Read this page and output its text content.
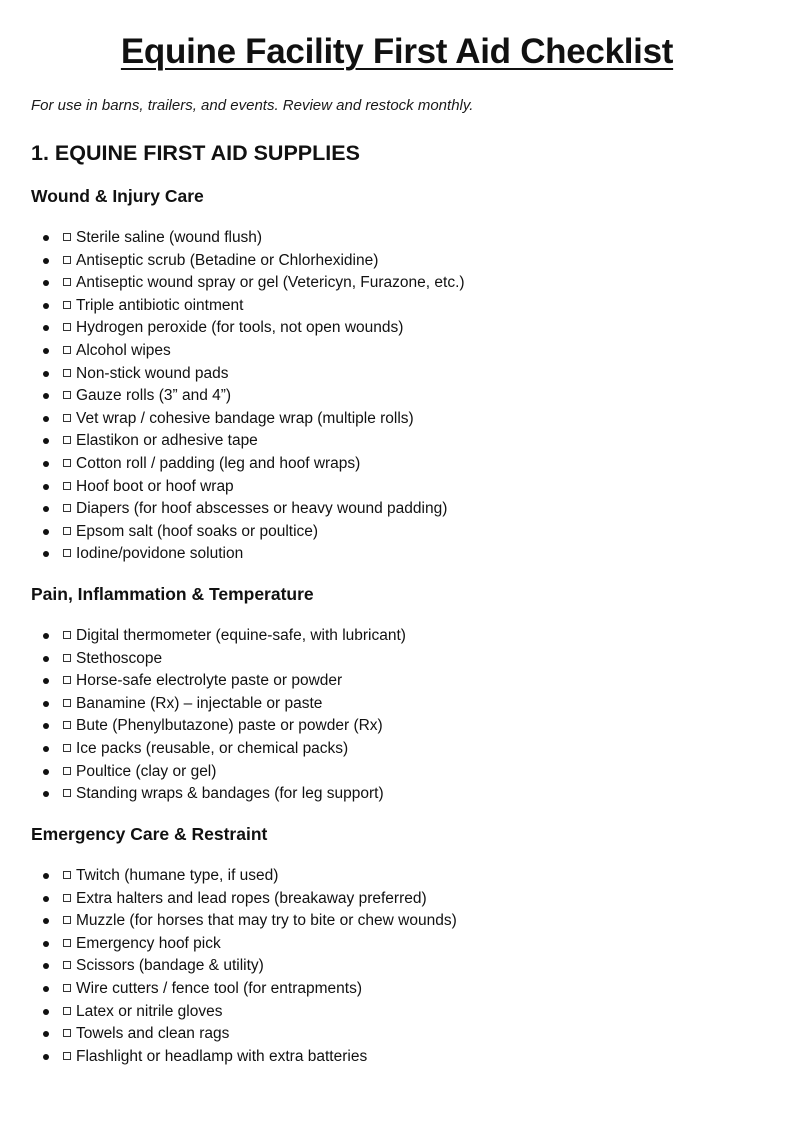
Equine Facility First Aid Checklist

For use in barns, trailers, and events. Review and restock monthly.

1. EQUINE FIRST AID SUPPLIES
Wound & Injury Care
Sterile saline (wound flush)
Antiseptic scrub (Betadine or Chlorhexidine)
Antiseptic wound spray or gel (Vetericyn, Furazone, etc.)
Triple antibiotic ointment
Hydrogen peroxide (for tools, not open wounds)
Alcohol wipes
Non-stick wound pads
Gauze rolls (3” and 4”)
Vet wrap / cohesive bandage wrap (multiple rolls)
Elastikon or adhesive tape
Cotton roll / padding (leg and hoof wraps)
Hoof boot or hoof wrap
Diapers (for hoof abscesses or heavy wound padding)
Epsom salt (hoof soaks or poultice)
Iodine/povidone solution
Pain, Inflammation & Temperature
Digital thermometer (equine-safe, with lubricant)
Stethoscope
Horse-safe electrolyte paste or powder
Banamine (Rx) – injectable or paste
Bute (Phenylbutazone) paste or powder (Rx)
Ice packs (reusable, or chemical packs)
Poultice (clay or gel)
Standing wraps & bandages (for leg support)
Emergency Care & Restraint
Twitch (humane type, if used)
Extra halters and lead ropes (breakaway preferred)
Muzzle (for horses that may try to bite or chew wounds)
Emergency hoof pick
Scissors (bandage & utility)
Wire cutters / fence tool (for entrapments)
Latex or nitrile gloves
Towels and clean rags
Flashlight or headlamp with extra batteries
